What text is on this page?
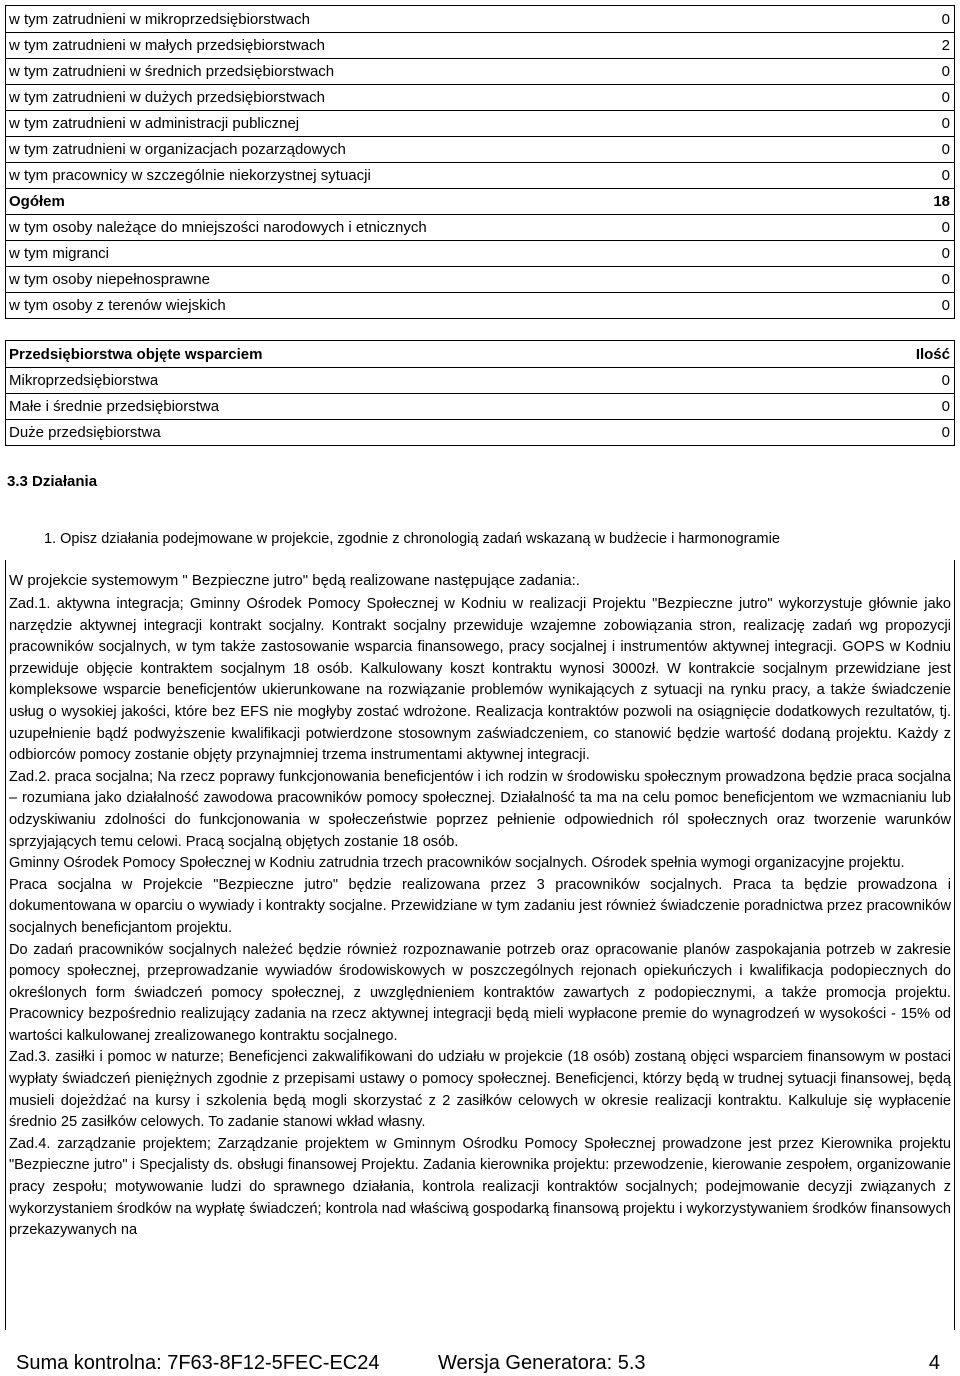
w tym zatrudnieni w mikroprzedsiębiorstwach	0
w tym zatrudnieni w małych przedsiębiorstwach	2
w tym zatrudnieni w średnich przedsiębiorstwach	0
w tym zatrudnieni w dużych przedsiębiorstwach	0
w tym zatrudnieni w administracji publicznej	0
w tym zatrudnieni w organizacjach pozarządowych	0
w tym pracownicy w szczególnie niekorzystnej sytuacji	0
Ogółem	18
w tym osoby należące do mniejszości narodowych i etnicznych	0
w tym migranci	0
w tym osoby niepełnosprawne	0
w tym osoby z terenów wiejskich	0
Przedsiębiorstwa objęte wsparciem	Ilość
Mikroprzedsiębiorstwa	0
Małe i średnie przedsiębiorstwa	0
Duże przedsiębiorstwa	0
3.3 Działania
1. Opisz działania podejmowane w projekcie, zgodnie z chronologią zadań wskazaną w budżecie i harmonogramie
W projekcie systemowym " Bezpieczne jutro" będą realizowane następujące zadania:.

Zad.1. aktywna integracja; Gminny Ośrodek Pomocy Społecznej w Kodniu w realizacji Projektu "Bezpieczne jutro" wykorzystuje głównie jako narzędzie aktywnej integracji kontrakt socjalny. Kontrakt socjalny przewiduje wzajemne zobowiązania stron, realizację zadań wg propozycji pracowników socjalnych, w tym także zastosowanie wsparcia finansowego, pracy socjalnej i instrumentów aktywnej integracji. GOPS w Kodniu przewiduje objęcie kontraktem socjalnym 18 osób. Kalkulowany koszt kontraktu wynosi 3000zł. W kontrakcie socjalnym przewidziane jest kompleksowe wsparcie beneficjentów ukierunkowane na rozwiązanie problemów wynikających z sytuacji na rynku pracy, a także świadczenie usług o wysokiej jakości, które bez EFS nie mogłyby zostać wdrożone. Realizacja kontraktów pozwoli na osiągnięcie dodatkowych rezultatów, tj. uzupełnienie bądź podwyższenie kwalifikacji potwierdzone stosownym zaświadczeniem, co stanowić będzie wartość dodaną projektu. Każdy z odbiorców pomocy zostanie objęty przynajmniej trzema instrumentami aktywnej integracji.

Zad.2. praca socjalna; Na rzecz poprawy funkcjonowania beneficjentów i ich rodzin w środowisku społecznym prowadzona będzie praca socjalna – rozumiana jako działalność zawodowa pracowników pomocy społecznej. Działalność ta ma na celu pomoc beneficjentom we wzmacnianiu lub odzyskiwaniu zdolności do funkcjonowania w społeczeństwie poprzez pełnienie odpowiednich ról społecznych oraz tworzenie warunków sprzyjających temu celowi. Pracą socjalną objętych zostanie 18 osób.

Gminny Ośrodek Pomocy Społecznej w Kodniu zatrudnia trzech pracowników socjalnych. Ośrodek spełnia wymogi organizacyjne projektu.

Praca socjalna w Projekcie "Bezpieczne jutro" będzie realizowana przez 3 pracowników socjalnych. Praca ta będzie prowadzona i dokumentowana w oparciu o wywiady i kontrakty socjalne. Przewidziane w tym zadaniu jest również świadczenie poradnictwa przez pracowników socjalnych beneficjantom projektu.

Do zadań pracowników socjalnych należeć będzie również rozpoznawanie potrzeb oraz opracowanie planów zaspokajania potrzeb w zakresie pomocy społecznej, przeprowadzanie wywiadów środowiskowych w poszczególnych rejonach opiekuńczych i kwalifikacja podopiecznych do określonych form świadczeń pomocy społecznej, z uwzględnieniem kontraktów zawartych z podopiecznymi, a także promocja projektu. Pracownicy bezpośrednio realizujący zadania na rzecz aktywnej integracji będą mieli wypłacone premie do wynagrodzeń w wysokości - 15% od wartości kalkulowanej zrealizowanego kontraktu socjalnego.

Zad.3. zasiłki i pomoc w naturze; Beneficjenci zakwalifikowani do udziału w projekcie (18 osób) zostaną objęci wsparciem finansowym w postaci wypłaty świadczeń pieniężnych zgodnie z przepisami ustawy o pomocy społecznej. Beneficjenci, którzy będą w trudnej sytuacji finansowej, będą musieli dojeżdżać na kursy i szkolenia będą mogli skorzystać z 2 zasiłków celowych w okresie realizacji kontraktu. Kalkuluje się wypłacenie średnio 25 zasiłków celowych. To zadanie stanowi wkład własny.

Zad.4. zarządzanie projektem; Zarządzanie projektem w Gminnym Ośrodku Pomocy Społecznej prowadzone jest przez Kierownika projektu "Bezpieczne jutro" i Specjalisty ds. obsługi finansowej Projektu. Zadania kierownika projektu: przewodzenie, kierowanie zespołem, organizowanie pracy zespołu; motywowanie ludzi do sprawnego działania, kontrola realizacji kontraktów socjalnych; podejmowanie decyzji związanych z wykorzystaniem środków na wypłatę świadczeń; kontrola nad właściwą gospodarką finansową projektu i wykorzystywaniem środków finansowych przekazywanych na

Suma kontrolna: 7F63-8F12-5FEC-EC24	Wersja Generatora: 5.3	4
